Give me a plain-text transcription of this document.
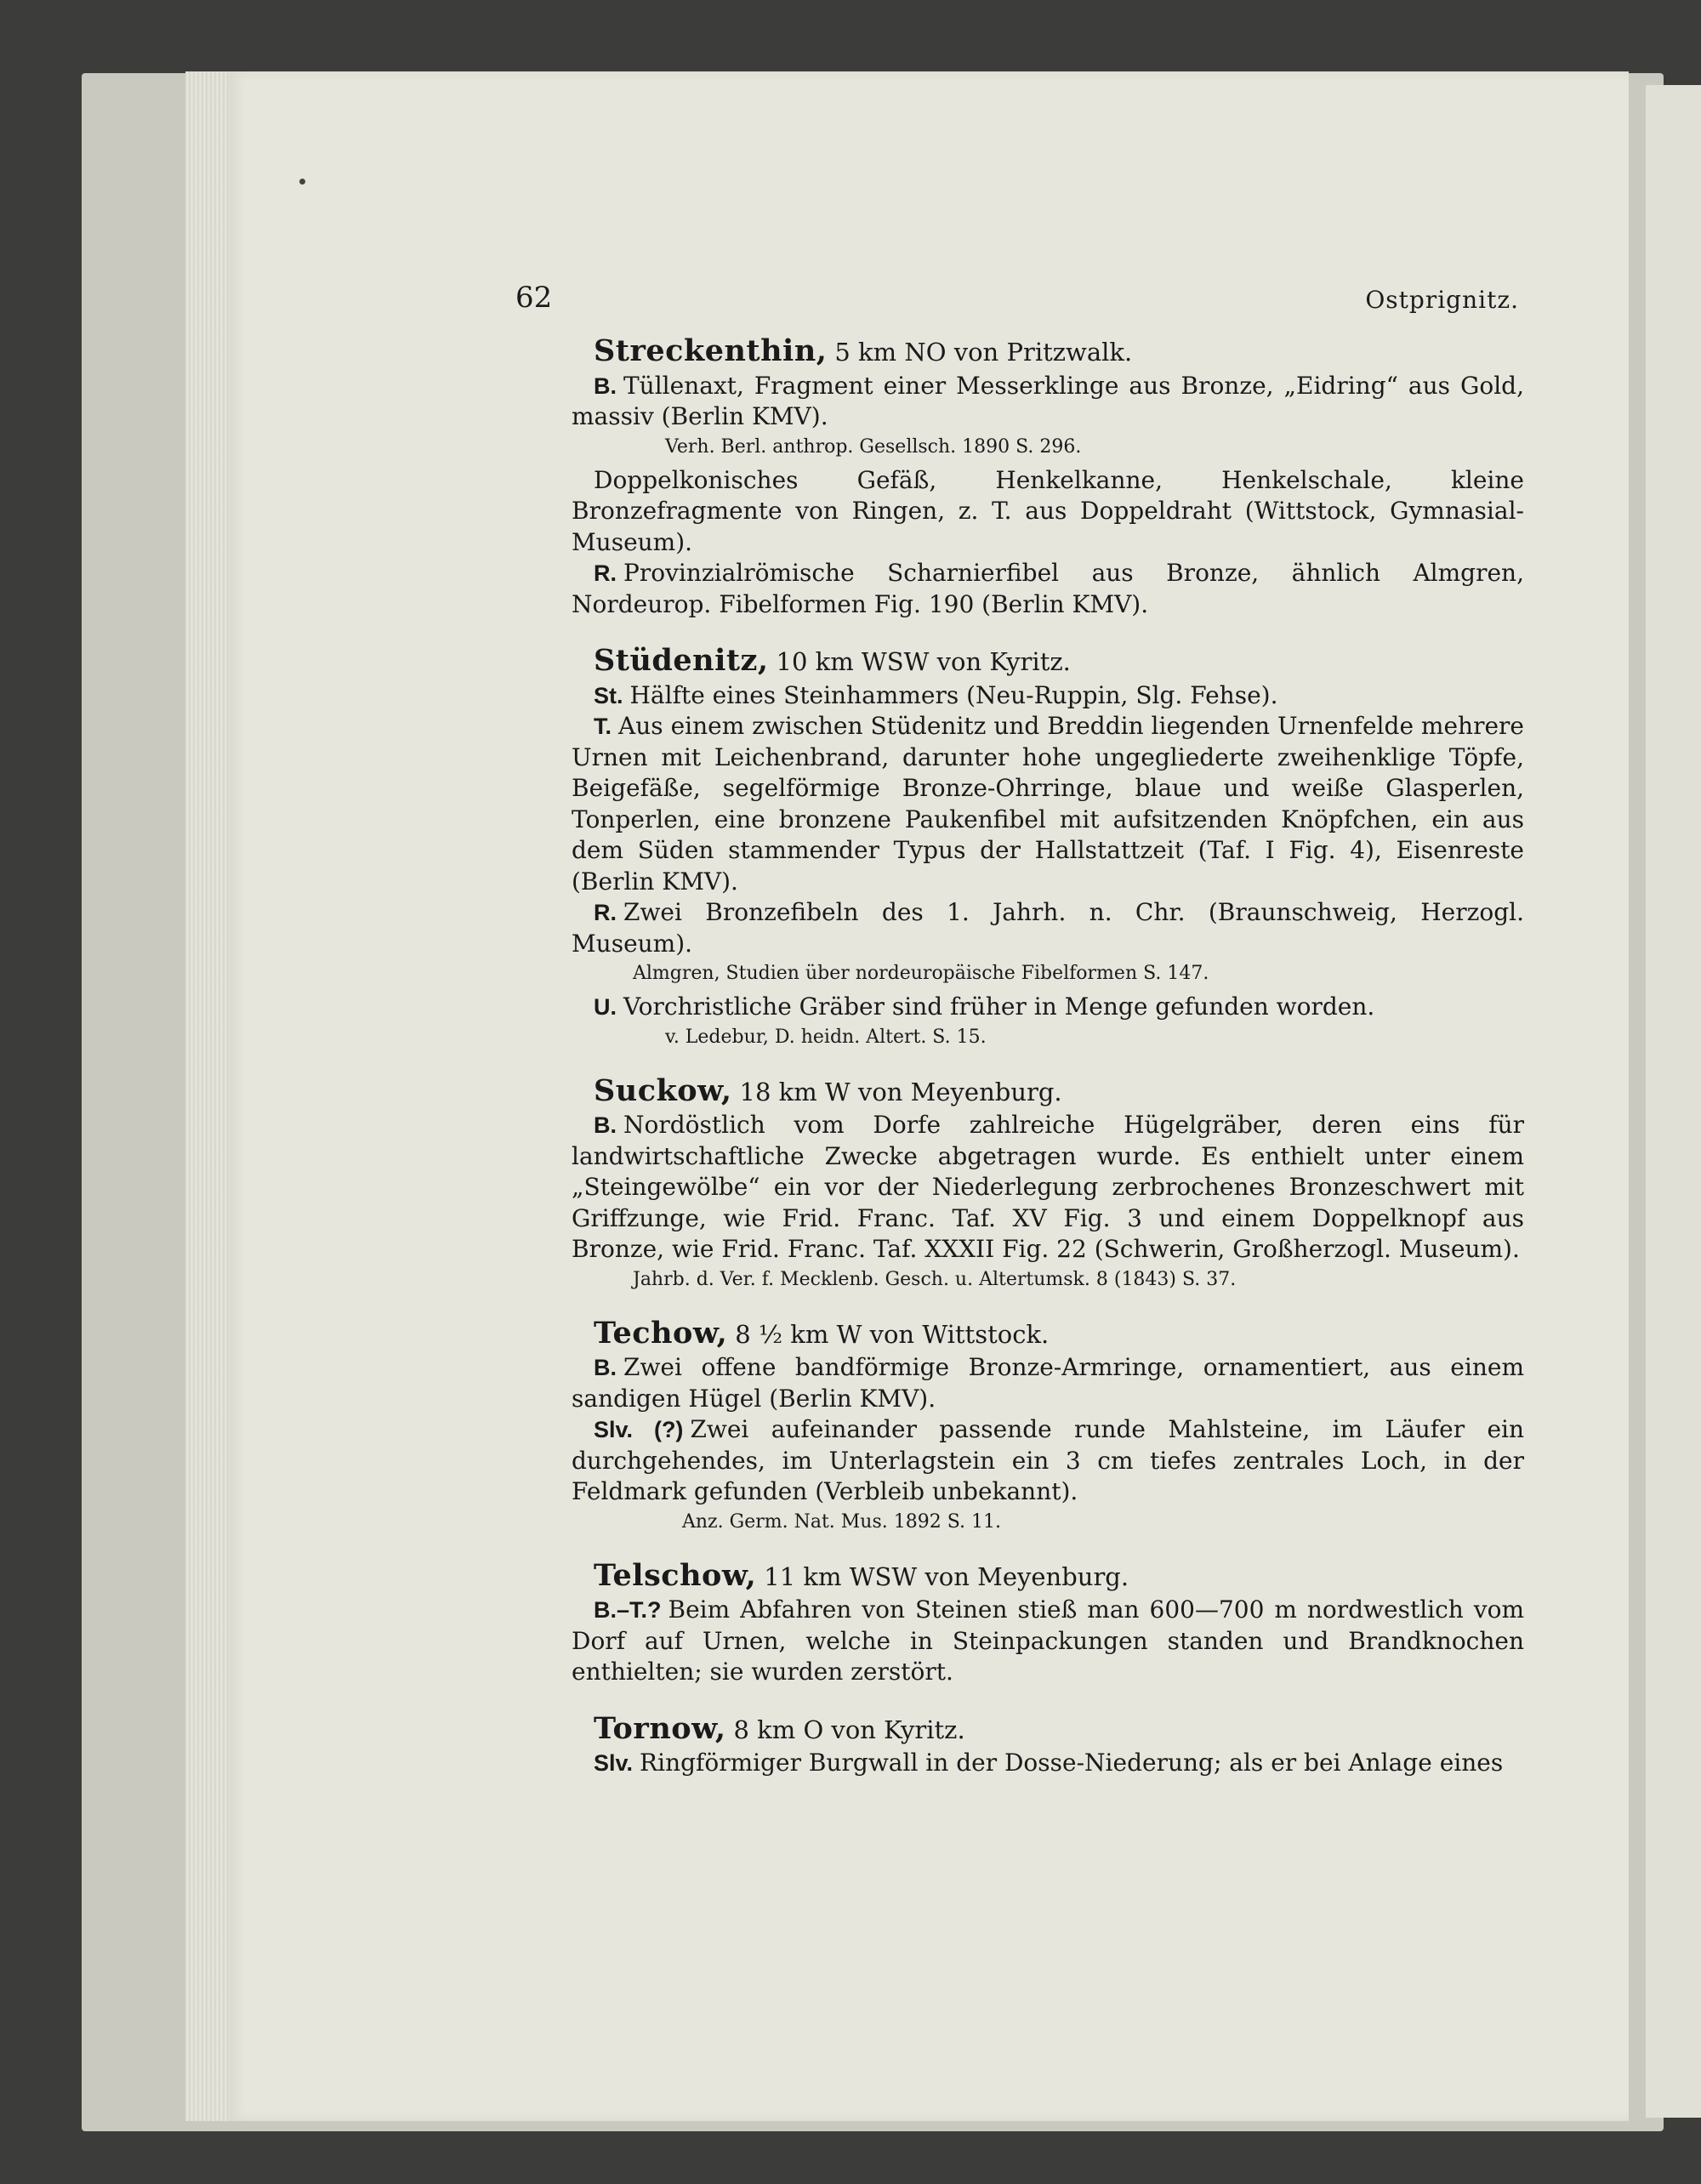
62	Ostprignitz.
Streckenthin, 5 km NO von Pritzwalk.

B. Tüllenaxt, Fragment einer Messerklinge aus Bronze, „Eidring“ aus Gold, massiv (Berlin KMV).

Verh. Berl. anthrop. Gesellsch. 1890 S. 296.

Doppelkonisches Gefäß, Henkelkanne, Henkelschale, kleine Bronzefragmente von Ringen, z. T. aus Doppeldraht (Wittstock, Gymnasial-Museum).

R. Provinzialrömische Scharnierfibel aus Bronze, ähnlich Almgren, Nordeurop. Fibelformen Fig. 190 (Berlin KMV).

Stüdenitz, 10 km WSW von Kyritz.

St. Hälfte eines Steinhammers (Neu-Ruppin, Slg. Fehse).

T. Aus einem zwischen Stüdenitz und Breddin liegenden Urnenfelde mehrere Urnen mit Leichenbrand, darunter hohe ungegliederte zweihenklige Töpfe, Beigefäße, segelförmige Bronze-Ohrringe, blaue und weiße Glasperlen, Tonperlen, eine bronzene Paukenfibel mit aufsitzenden Knöpfchen, ein aus dem Süden stammender Typus der Hallstattzeit (Taf. I Fig. 4), Eisenreste (Berlin KMV).

R. Zwei Bronzefibeln des 1. Jahrh. n. Chr. (Braunschweig, Herzogl. Museum).

Almgren, Studien über nordeuropäische Fibelformen S. 147.

U. Vorchristliche Gräber sind früher in Menge gefunden worden.

v. Ledebur, D. heidn. Altert. S. 15.
Suckow, 18 km W von Meyenburg.

B. Nordöstlich vom Dorfe zahlreiche Hügelgräber, deren eins für landwirtschaftliche Zwecke abgetragen wurde. Es enthielt unter einem „Steingewölbe“ ein vor der Niederlegung zerbrochenes Bronzeschwert mit Griffzunge, wie Frid. Franc. Taf. XV Fig. 3 und einem Doppelknopf aus Bronze, wie Frid. Franc. Taf. XXXII Fig. 22 (Schwerin, Großherzogl. Museum).

Jahrb. d. Ver. f. Mecklenb. Gesch. u. Altertumsk. 8 (1843) S. 37.
Techow, 8 ½ km W von Wittstock.

B. Zwei offene bandförmige Bronze-Armringe, ornamentiert, aus einem sandigen Hügel (Berlin KMV).

Slv. (?) Zwei aufeinander passende runde Mahlsteine, im Läufer ein durchgehendes, im Unterlagstein ein 3 cm tiefes zentrales Loch, in der Feldmark gefunden (Verbleib unbekannt).

Anz. Germ. Nat. Mus. 1892 S. 11.
Telschow, 11 km WSW von Meyenburg.

B.–T.? Beim Abfahren von Steinen stieß man 600—700 m nordwestlich vom Dorf auf Urnen, welche in Steinpackungen standen und Brandknochen enthielten; sie wurden zerstört.

Tornow, 8 km O von Kyritz.

Slv. Ringförmiger Burgwall in der Dosse-Niederung; als er bei Anlage eines
